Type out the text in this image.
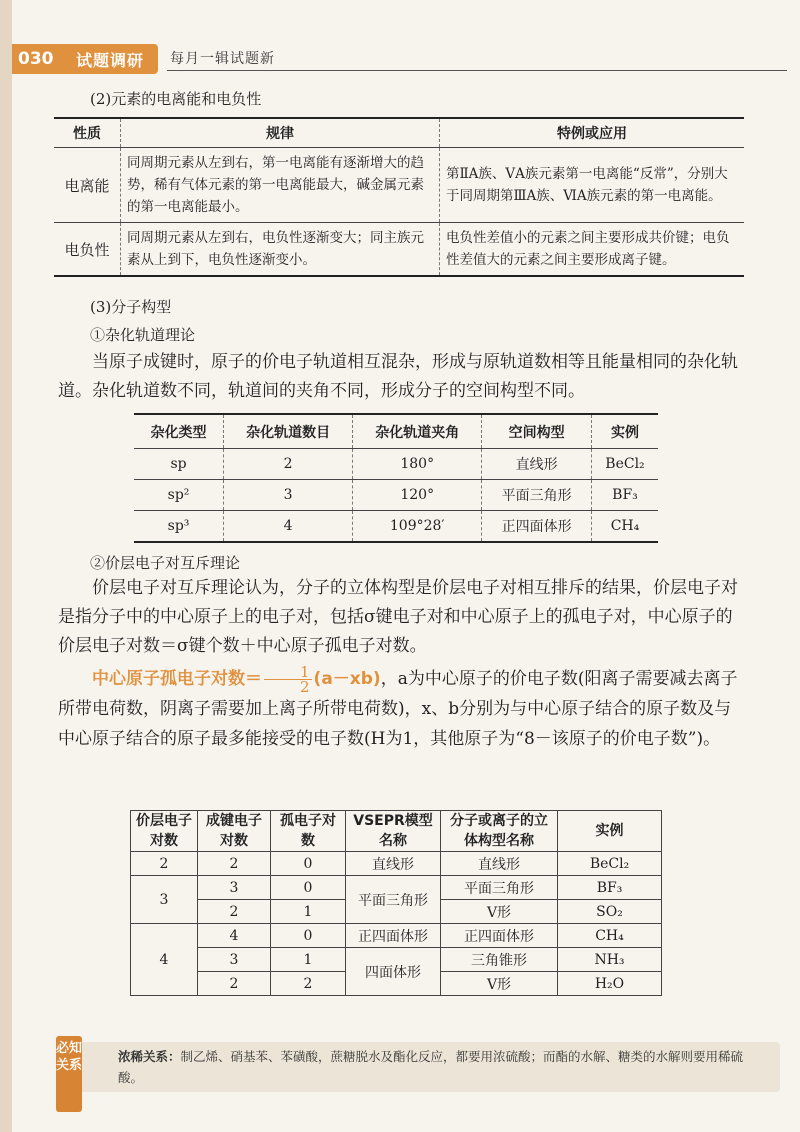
030	试题调研 每月一辑试题新
(2)元素的电离能和电负性
性质	规律	特例或应用
电离能	同周期元素从左到右，第一电离能有逐渐增大的趋势，稀有气体元素的第一电离能最大，碱金属元素的第一电离能最小。	第ⅡA族、ⅤA族元素第一电离能“反常”，分别大于同周期第ⅢA族、ⅥA族元素的第一电离能。
电负性	同周期元素从左到右，电负性逐渐变大；同主族元素从上到下，电负性逐渐变小。	电负性差值小的元素之间主要形成共价键；电负性差值大的元素之间主要形成离子键。
(3)分子构型
①杂化轨道理论

当原子成键时，原子的价电子轨道相互混杂，形成与原轨道数相等且能量相同的杂化轨道。杂化轨道数不同，轨道间的夹角不同，形成分子的空间构型不同。

杂化类型	杂化轨道数目	杂化轨道夹角	空间构型	实例
sp	2	180°	直线形	BeCl₂
sp²	3	120°	平面三角形	BF₃
sp³	4	109°28′	正四面体形	CH₄
②价层电子对互斥理论

价层电子对互斥理论认为，分子的立体构型是价层电子对相互排斥的结果，价层电子对是指分子中的中心原子上的电子对，包括σ键电子对和中心原子上的孤电子对，中心原子的价层电子对数＝σ键个数＋中心原子孤电子对数。

中心原子孤电子对数＝ $\frac{1}{2} (a-xb)$，a为中心原子的价电子数(阳离子需要减去离子所带电荷数，阴离子需要加上离子所带电荷数)，x、b分别为与中心原子结合的原子数及与中心原子结合的原子最多能接受的电子数(H为1，其他原子为“8－该原子的价电子数”)。

价层电子对数	成键电子对数	孤电子对数	VSEPR模型名称	分子或离子的立体构型名称	实例
2	2	0	直线形	直线形	BeCl₂
3	3	0	平面三角形	平面三角形	BF₃
	2	1		V形	SO₂
4	4	0	正四面体形	正四面体形	CH₄
	3	1	四面体形	三角锥形	NH₃
	2	2		V形	H₂O
必知关系
浓稀关系：制乙烯、硝基苯、苯磺酸，蔗糖脱水及酯化反应，都要用浓硫酸；而酯的水解、糖类的水解则要用稀硫酸。
